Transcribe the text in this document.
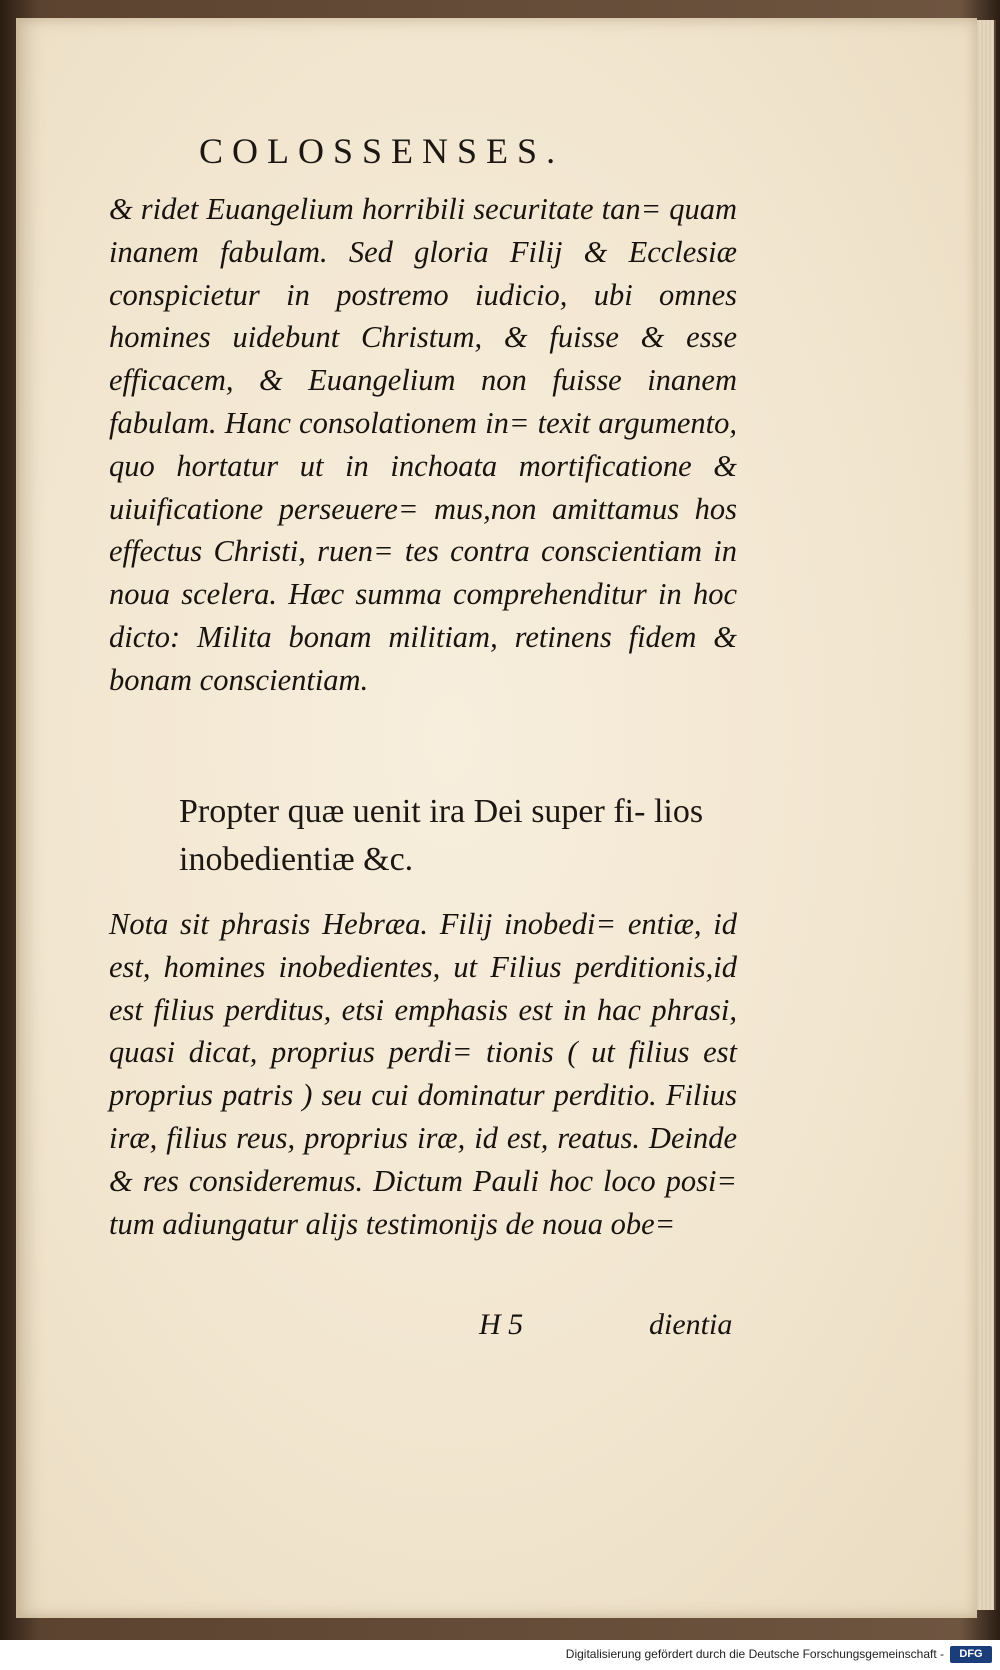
COLOSSENSES.

& ridet Euangelium horribili securitate tan= quam inanem fabulam. Sed gloria Filij & Ecclesiæ conspicietur in postremo iudicio, ubi omnes homines uidebunt Christum, & fuisse & esse efficacem, & Euangelium non fuisse inanem fabulam. Hanc consolationem in= texit argumento, quo hortatur ut in inchoata mortificatione & uiuificatione perseuere= mus,non amittamus hos effectus Christi, ruen= tes contra conscientiam in noua scelera. Hæc summa comprehenditur in hoc dicto: Milita bonam militiam, retinens fidem & bonam conscientiam.

Propter quæ uenit ira Dei super fi- lios inobedientiæ &c.

Nota sit phrasis Hebræa. Filij inobedi= entiæ, id est, homines inobedientes, ut Filius perditionis,id est filius perditus, etsi emphasis est in hac phrasi, quasi dicat, proprius perdi= tionis ( ut filius est proprius patris ) seu cui dominatur perditio. Filius iræ, filius reus, proprius iræ, id est, reatus. Deinde & res consideremus. Dictum Pauli hoc loco posi= tum adiungatur alijs testimonijs de noua obe=

H 5	dientia

Digitalisierung gefördert durch die Deutsche Forschungsgemeinschaft -	DFG
